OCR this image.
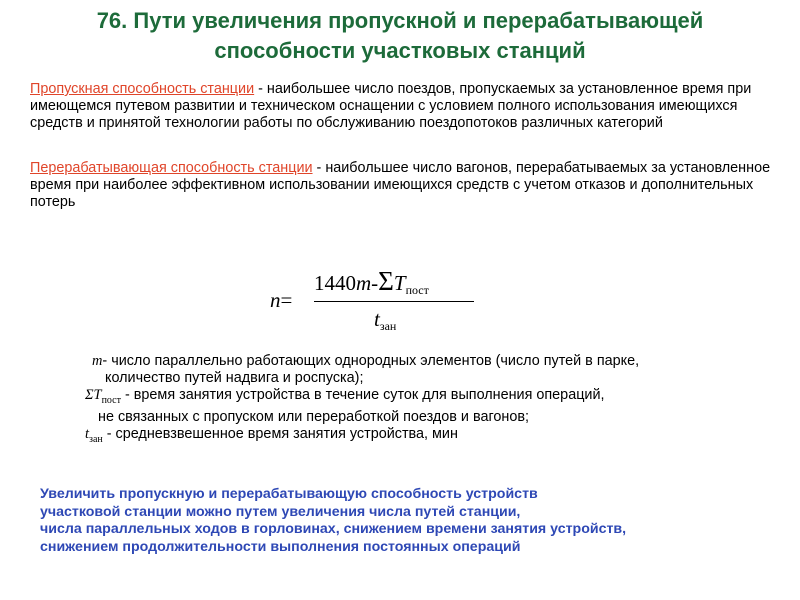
76. Пути увеличения пропускной и перерабатывающей
способности участковых станций
Пропускная способность станции - наибольшее число поездов, пропускаемых за установленное время при имеющемся путевом развитии и техническом оснащении с условием полного использования имеющихся средств и принятой технологии работы по обслуживанию поездопотоков различных категорий
Перерабатывающая способность станции - наибольшее число вагонов, перерабатываемых за установленное время при наиболее эффективном использовании имеющихся средств с учетом отказов и дополнительных потерь
n=
$1440m-\Sigma T_{пост}$
$t_{зан}$
m- число параллельно работающих однородных элементов (число путей в парке,
количество путей надвига и роспуска);
$\Sigma T_{пост}$ - время занятия устройства в течение суток для выполнения операций,
не связанных с пропуском или переработкой поездов и вагонов;
$t_{зан}$ - средневзвешенное время занятия устройства, мин
Увеличить пропускную и перерабатывающую способность устройств
участковой станции можно путем увеличения числа путей станции,
числа параллельных ходов в горловинах, снижением времени занятия устройств,
снижением продолжительности выполнения постоянных операций
